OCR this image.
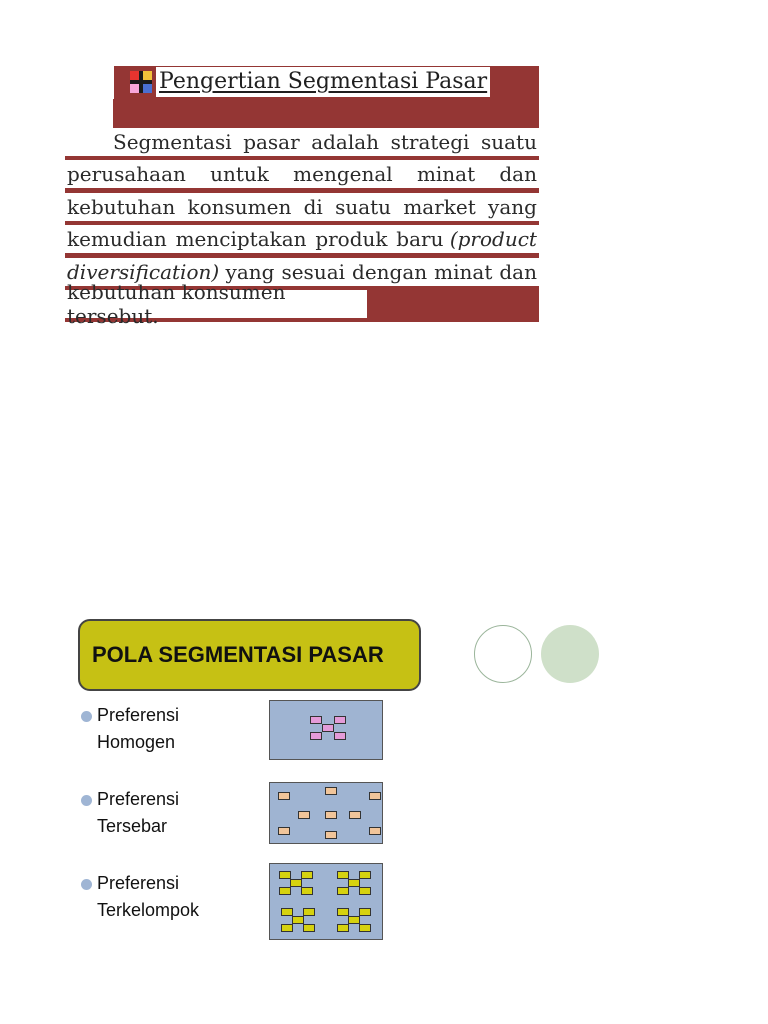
Pengertian Segmentasi Pasar
Segmentasi pasar adalah strategi suatu
perusahaan untuk mengenal minat dan
kebutuhan konsumen di suatu market yang
kemudian menciptakan produk baru (product
diversification) yang sesuai dengan minat dan
kebutuhan konsumen tersebut.
POLA SEGMENTASI PASAR
Preferensi
Homogen
Preferensi
Tersebar
Preferensi
Terkelompok
